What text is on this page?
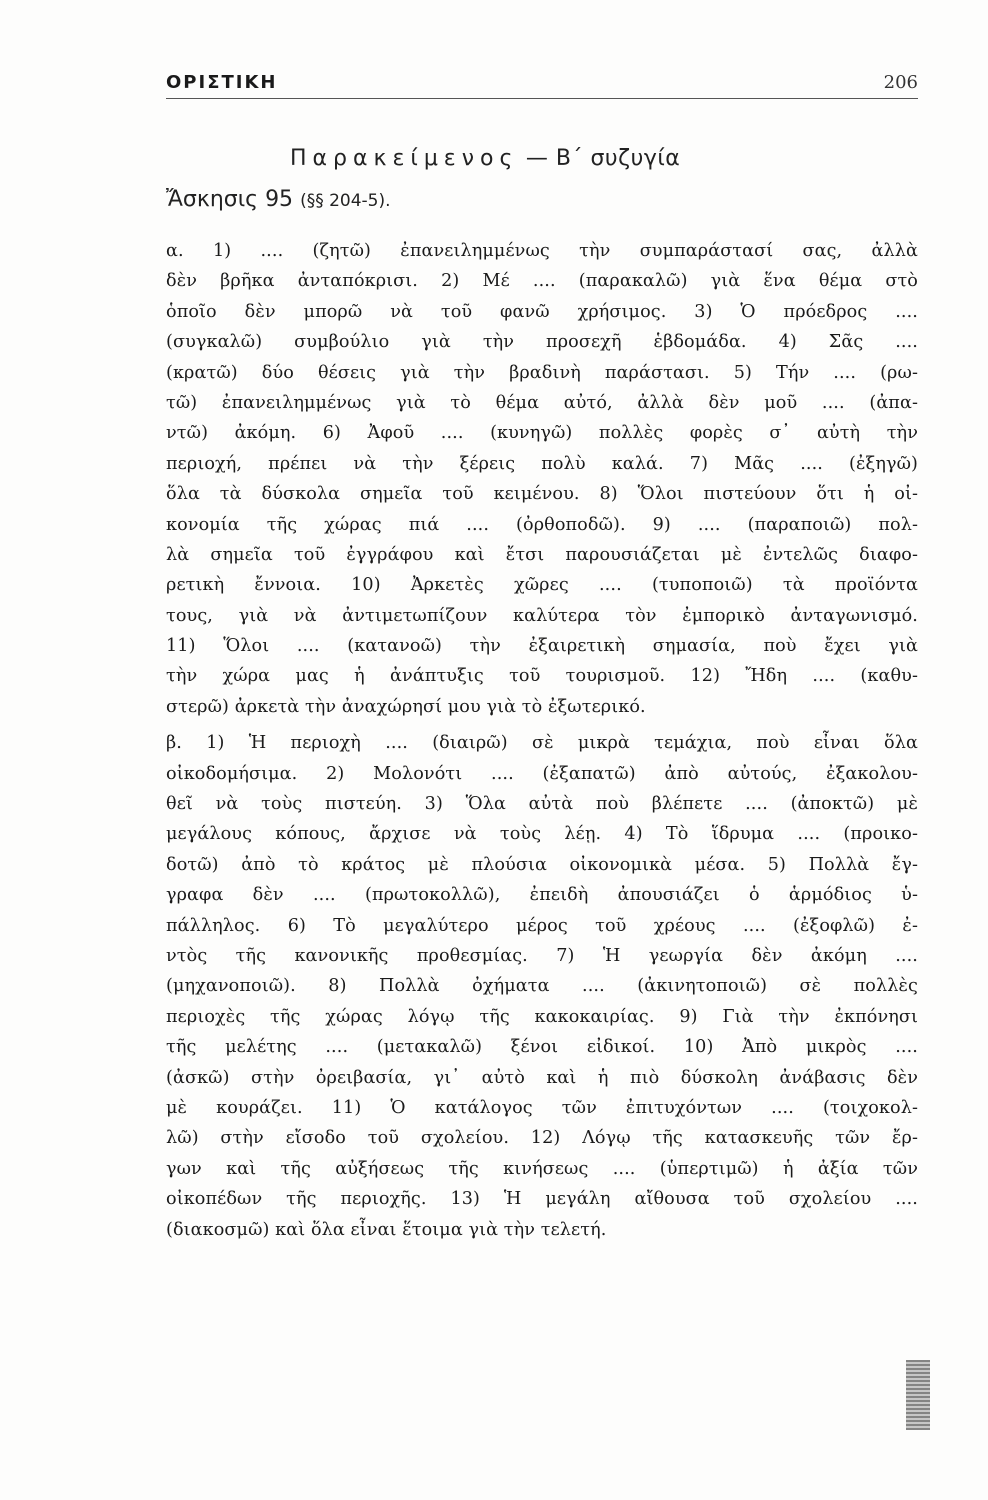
ΟΡΙΣΤΙΚΗ	206
Παρακείμενος — Β΄ συζυγία
Ἄσκησις 95 (§§ 204-5).
α. 1) .... (ζητῶ) ἐπανειλημμένως τὴν συμπαράστασί σας, ἀλλὰ
δὲν βρῆκα ἀνταπόκρισι. 2) Μέ .... (παρακαλῶ) γιὰ ἕνα θέμα στὸ
ὁποῖο δὲν μπορῶ νὰ τοῦ φανῶ χρήσιμος. 3) Ὁ πρόεδρος ....
(συγκαλῶ) συμβούλιο γιὰ τὴν προσεχῆ ἑβδομάδα. 4) Σᾶς ....
(κρατῶ) δύο θέσεις γιὰ τὴν βραδινὴ παράστασι. 5) Τήν .... (ρω-
τῶ) ἐπανειλημμένως γιὰ τὸ θέμα αὐτό, ἀλλὰ δὲν μοῦ .... (ἀπα-
ντῶ) ἀκόμη. 6) Ἀφοῦ .... (κυνηγῶ) πολλὲς φορὲς σ᾽ αὐτὴ τὴν
περιοχή, πρέπει νὰ τὴν ξέρεις πολὺ καλά. 7) Μᾶς .... (ἐξηγῶ)
ὅλα τὰ δύσκολα σημεῖα τοῦ κειμένου. 8) Ὅλοι πιστεύουν ὅτι ἡ οἰ-
κονομία τῆς χώρας πιά .... (ὀρθοποδῶ). 9) .... (παραποιῶ) πολ-
λὰ σημεῖα τοῦ ἐγγράφου καὶ ἔτσι παρουσιάζεται μὲ ἐντελῶς διαφο-
ρετικὴ ἔννοια. 10) Ἀρκετὲς χῶρες .... (τυποποιῶ) τὰ προϊόντα
τους, γιὰ νὰ ἀντιμετωπίζουν καλύτερα τὸν ἐμπορικὸ ἀνταγωνισμό.
11) Ὅλοι .... (κατανοῶ) τὴν ἐξαιρετικὴ σημασία, ποὺ ἔχει γιὰ
τὴν χώρα μας ἡ ἀνάπτυξις τοῦ τουρισμοῦ. 12) Ἤδη .... (καθυ-
στερῶ) ἀρκετὰ τὴν ἀναχώρησί μου γιὰ τὸ ἐξωτερικό.
β. 1) Ἡ περιοχὴ .... (διαιρῶ) σὲ μικρὰ τεμάχια, ποὺ εἶναι ὅλα
οἰκοδομήσιμα. 2) Μολονότι .... (ἐξαπατῶ) ἀπὸ αὐτούς, ἐξακολου-
θεῖ νὰ τοὺς πιστεύη. 3) Ὅλα αὐτὰ ποὺ βλέπετε .... (ἀποκτῶ) μὲ
μεγάλους κόπους, ἄρχισε νὰ τοὺς λέῃ. 4) Τὸ ἵδρυμα .... (προικο-
δοτῶ) ἀπὸ τὸ κράτος μὲ πλούσια οἰκονομικὰ μέσα. 5) Πολλὰ ἔγ-
γραφα δὲν .... (πρωτοκολλῶ), ἐπειδὴ ἀπουσιάζει ὁ ἁρμόδιος ὑ-
πάλληλος. 6) Τὸ μεγαλύτερο μέρος τοῦ χρέους .... (ἐξοφλῶ) ἐ-
ντὸς τῆς κανονικῆς προθεσμίας. 7) Ἡ γεωργία δὲν ἀκόμη ....
(μηχανοποιῶ). 8) Πολλὰ ὀχήματα .... (ἀκινητοποιῶ) σὲ πολλὲς
περιοχὲς τῆς χώρας λόγῳ τῆς κακοκαιρίας. 9) Γιὰ τὴν ἐκπόνησι
τῆς μελέτης .... (μετακαλῶ) ξένοι εἰδικοί. 10) Ἀπὸ μικρὸς ....
(ἀσκῶ) στὴν ὀρειβασία, γι᾽ αὐτὸ καὶ ἡ πιὸ δύσκολη ἀνάβασις δὲν
μὲ κουράζει. 11) Ὁ κατάλογος τῶν ἐπιτυχόντων .... (τοιχοκολ-
λῶ) στὴν εἴσοδο τοῦ σχολείου. 12) Λόγῳ τῆς κατασκευῆς τῶν ἔρ-
γων καὶ τῆς αὐξήσεως τῆς κινήσεως .... (ὑπερτιμῶ) ἡ ἀξία τῶν
οἰκοπέδων τῆς περιοχῆς. 13) Ἡ μεγάλη αἴθουσα τοῦ σχολείου ....
(διακοσμῶ) καὶ ὅλα εἶναι ἕτοιμα γιὰ τὴν τελετή.
